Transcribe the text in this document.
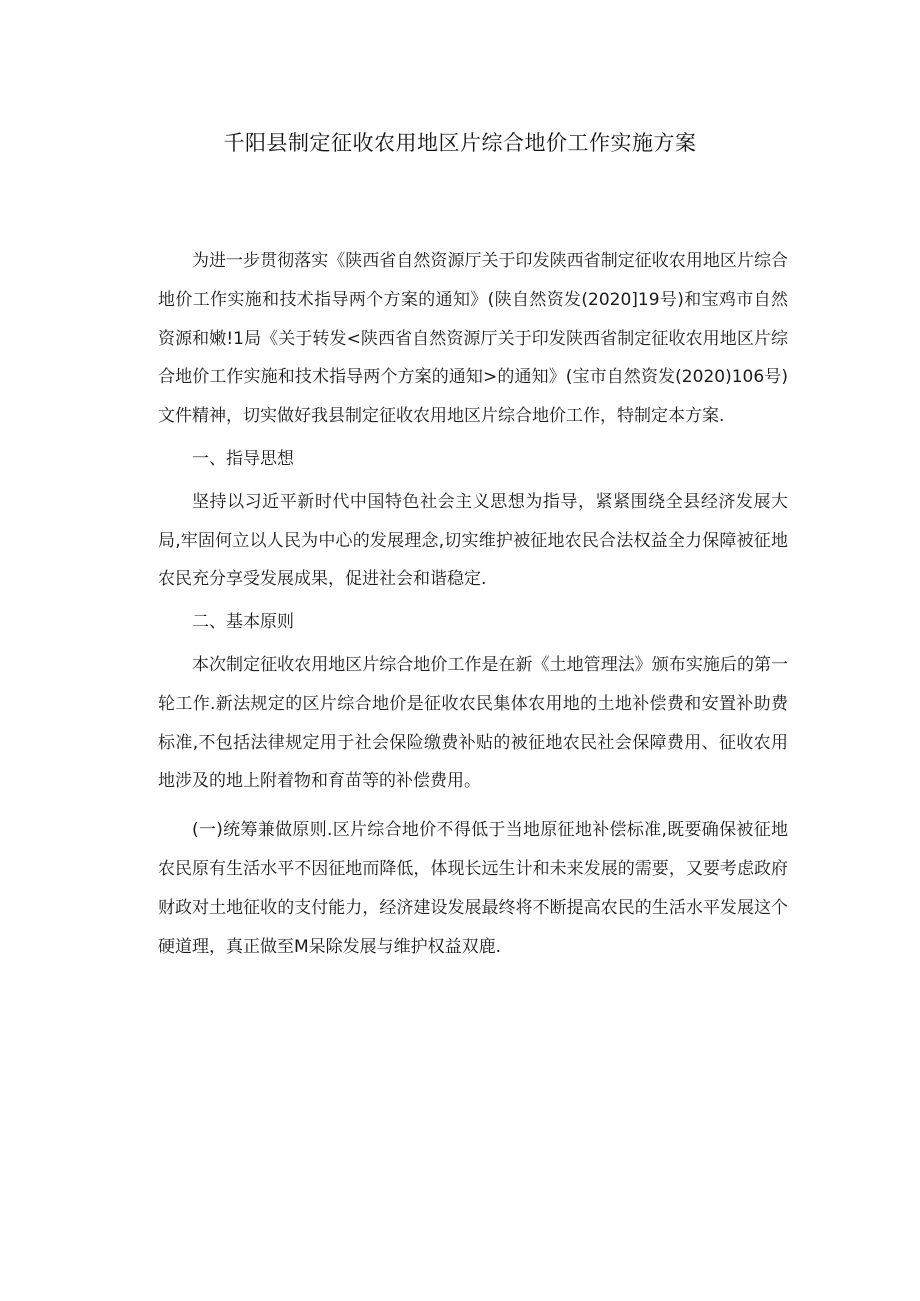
千阳县制定征收农用地区片综合地价工作实施方案

为进一步贯彻落实《陕西省自然资源厅关于印发陕西省制定征收农用地区片综合地价工作实施和技术指导两个方案的通知》(陕自然资发(2020]19号)和宝鸡市自然资源和嫩!1局《关于转发<陕西省自然资源厅关于印发陕西省制定征收农用地区片综合地价工作实施和技术指导两个方案的通知>的通知》(宝市自然资发(2020)106号)文件精神，切实做好我县制定征收农用地区片综合地价工作，特制定本方案.

一、指导思想

坚持以习近平新时代中国特色社会主义思想为指导，紧紧围绕全县经济发展大局,牢固何立以人民为中心的发展理念,切实维护被征地农民合法权益全力保障被征地农民充分享受发展成果，促进社会和谐稳定.

二、基本原则

本次制定征收农用地区片综合地价工作是在新《土地管理法》颁布实施后的第一轮工作.新法规定的区片综合地价是征收农民集体农用地的土地补偿费和安置补助费标准,不包括法律规定用于社会保险缴费补贴的被征地农民社会保障费用、征收农用地涉及的地上附着物和育苗等的补偿费用。

(一)统筹兼做原则.区片综合地价不得低于当地原征地补偿标准,既要确保被征地农民原有生活水平不因征地而降低，体现长远生计和未来发展的需要，又要考虑政府财政对土地征收的支付能力，经济建设发展最终将不断提高农民的生活水平发展这个硬道理，真正做至M呆除发展与维护权益双鹿.
